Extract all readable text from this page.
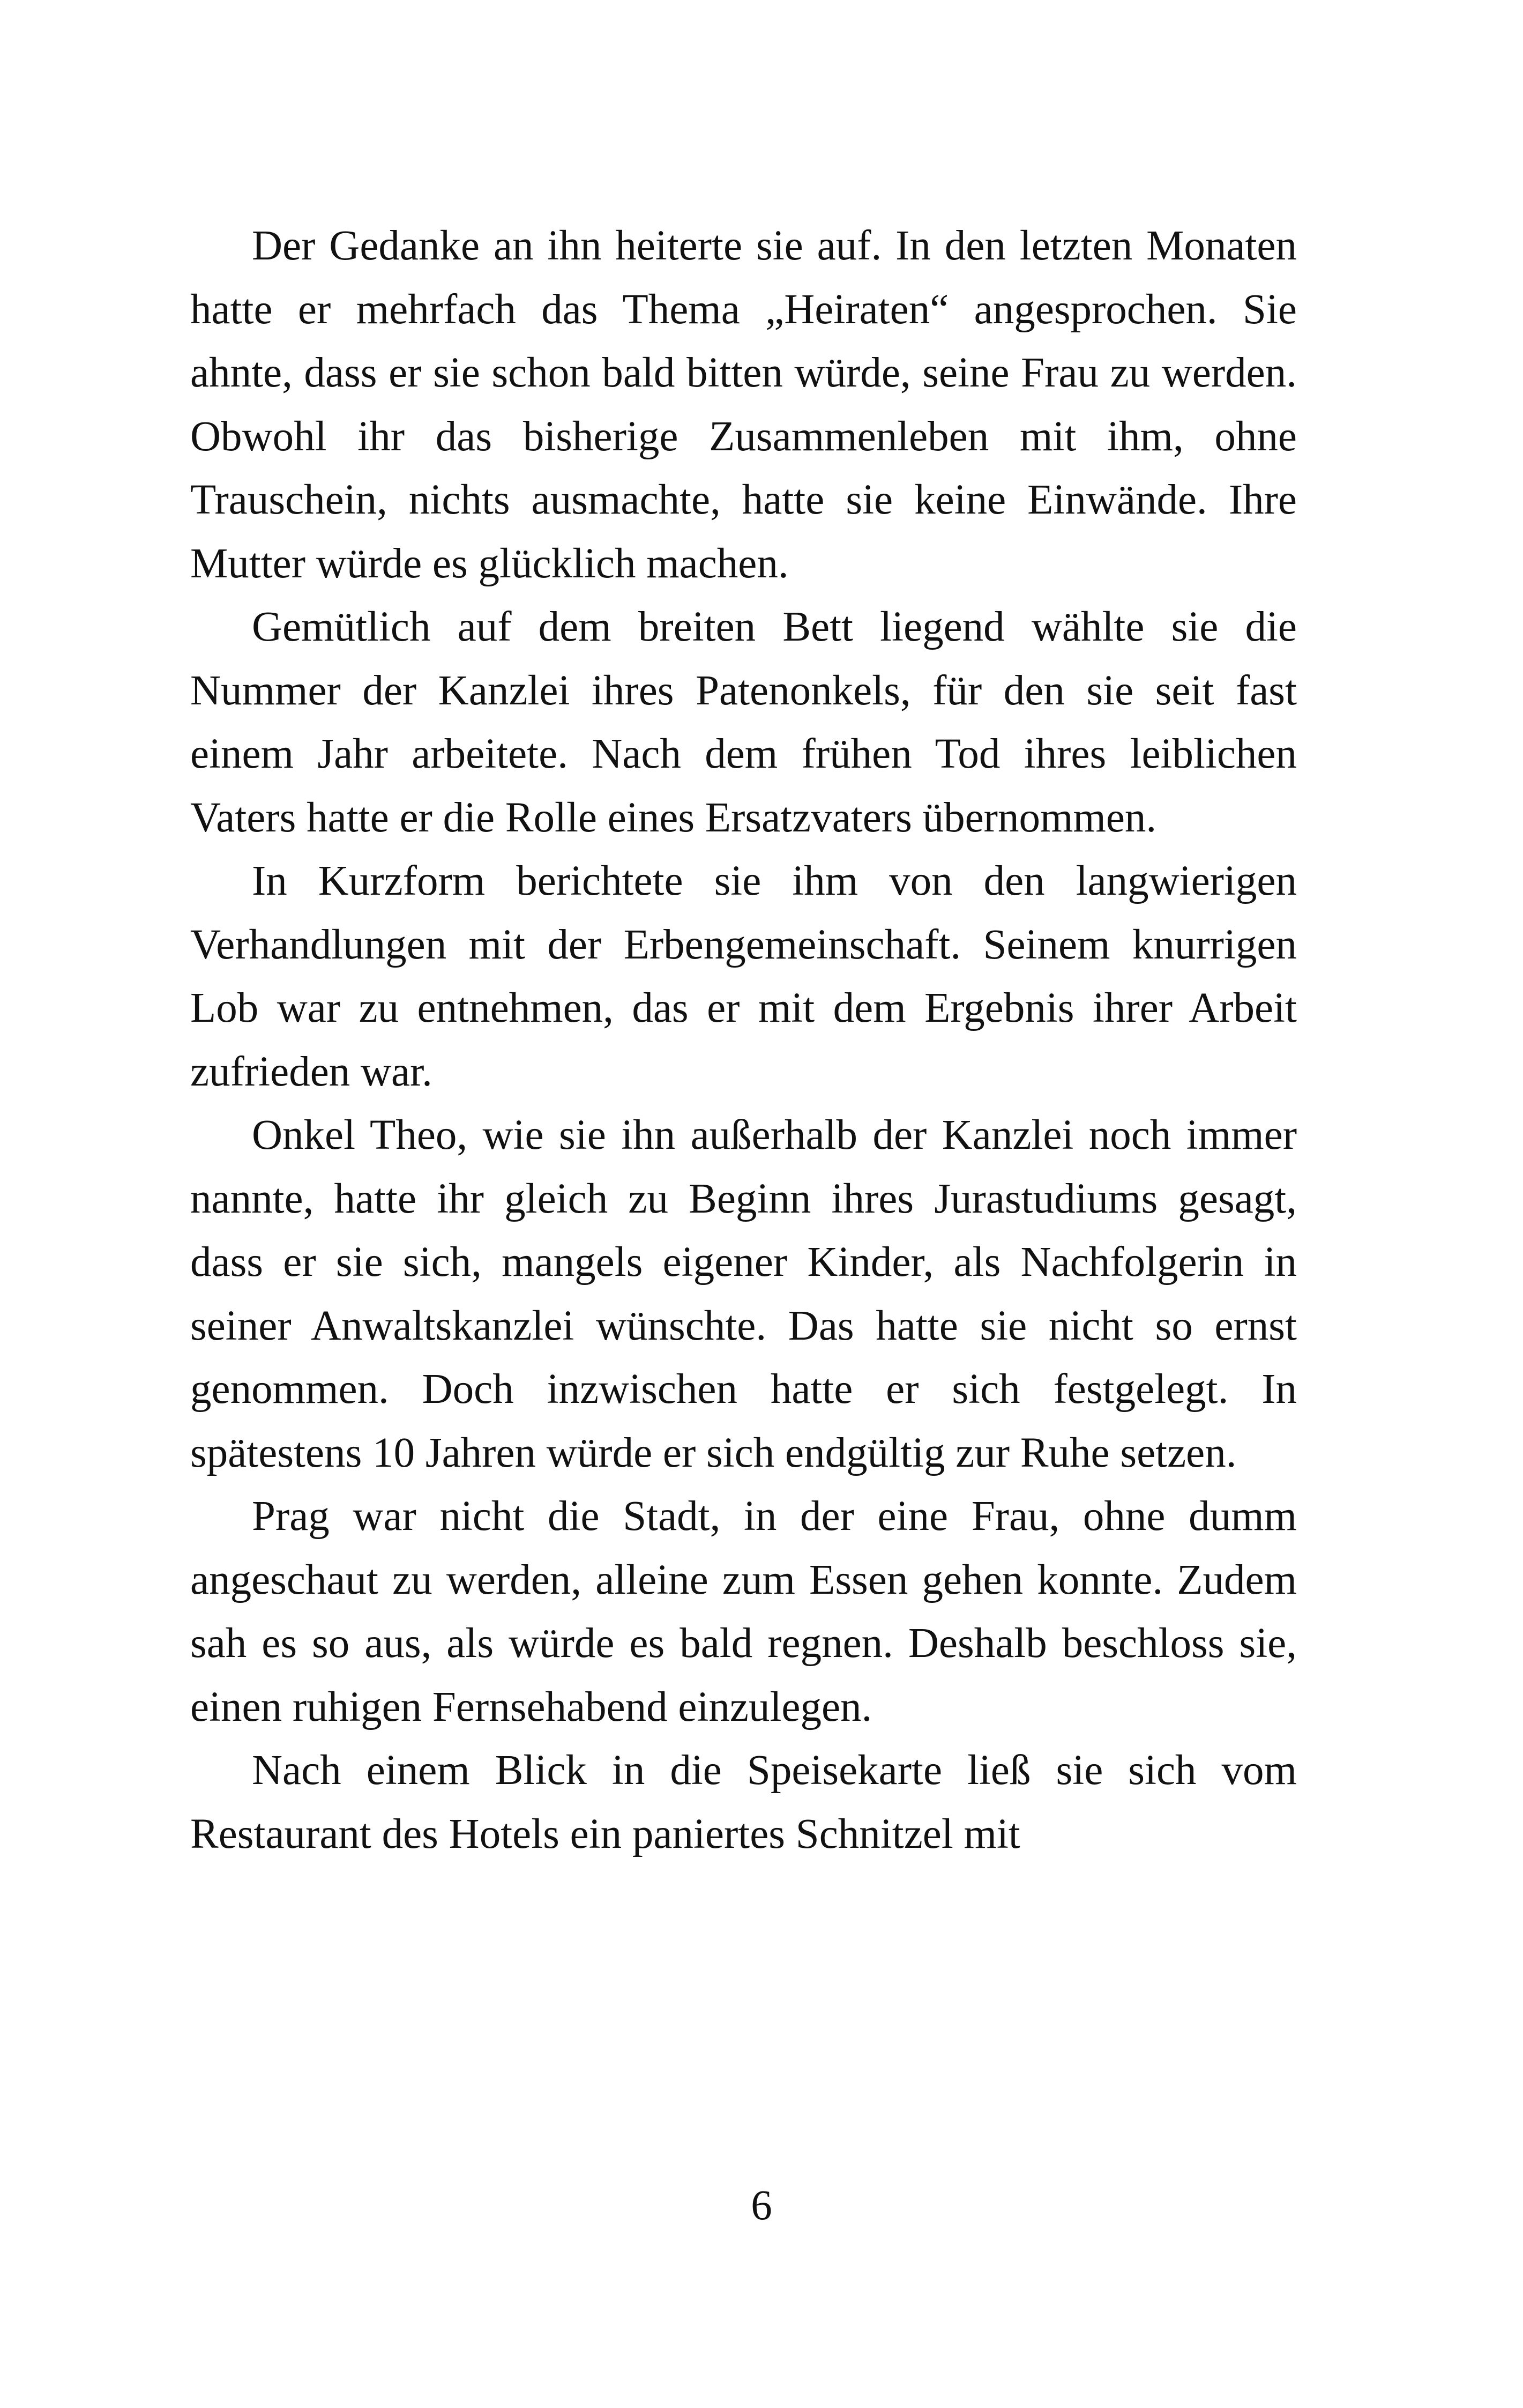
Der Gedanke an ihn heiterte sie auf. In den letzten Monaten hatte er mehrfach das Thema „Heiraten“ angesprochen. Sie ahnte, dass er sie schon bald bitten würde, seine Frau zu werden. Obwohl ihr das bisherige Zusammenleben mit ihm, ohne Trauschein, nichts ausmachte, hatte sie keine Einwände. Ihre Mutter würde es glücklich machen.

Gemütlich auf dem breiten Bett liegend wählte sie die Nummer der Kanzlei ihres Patenonkels, für den sie seit fast einem Jahr arbeitete. Nach dem frühen Tod ihres leiblichen Vaters hatte er die Rolle eines Ersatzvaters übernommen.

In Kurzform berichtete sie ihm von den langwierigen Verhandlungen mit der Erbengemeinschaft. Seinem knurrigen Lob war zu entnehmen, das er mit dem Ergebnis ihrer Arbeit zufrieden war.

Onkel Theo, wie sie ihn außerhalb der Kanzlei noch immer nannte, hatte ihr gleich zu Beginn ihres Jurastudiums gesagt, dass er sie sich, mangels eigener Kinder, als Nachfolgerin in seiner Anwaltskanzlei wünschte. Das hatte sie nicht so ernst genommen. Doch inzwischen hatte er sich festgelegt. In spätestens 10 Jahren würde er sich endgültig zur Ruhe setzen.

Prag war nicht die Stadt, in der eine Frau, ohne dumm angeschaut zu werden, alleine zum Essen gehen konnte. Zudem sah es so aus, als würde es bald regnen. Deshalb beschloss sie, einen ruhigen Fernsehabend einzulegen.

Nach einem Blick in die Speisekarte ließ sie sich vom Restaurant des Hotels ein paniertes Schnitzel mit

6
